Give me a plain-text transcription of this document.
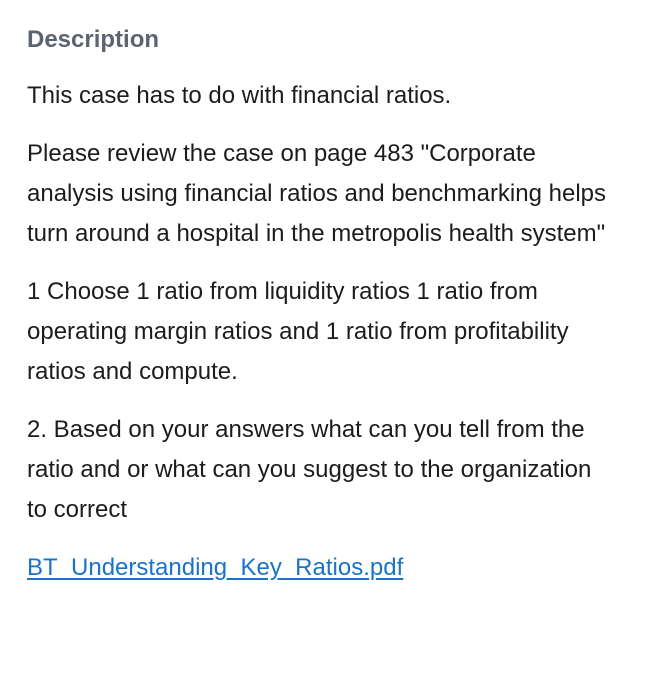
Description

This case has to do with financial ratios.

Please review the case on page 483 "Corporate analysis using financial ratios and benchmarking helps turn around a hospital in the metropolis health system"

1 Choose 1 ratio from liquidity ratios 1 ratio from operating margin ratios and 1 ratio from profitability ratios and compute.

2. Based on your answers what can you tell from the ratio and or what can you suggest to the organization to correct

BT_Understanding_Key_Ratios.pdf
